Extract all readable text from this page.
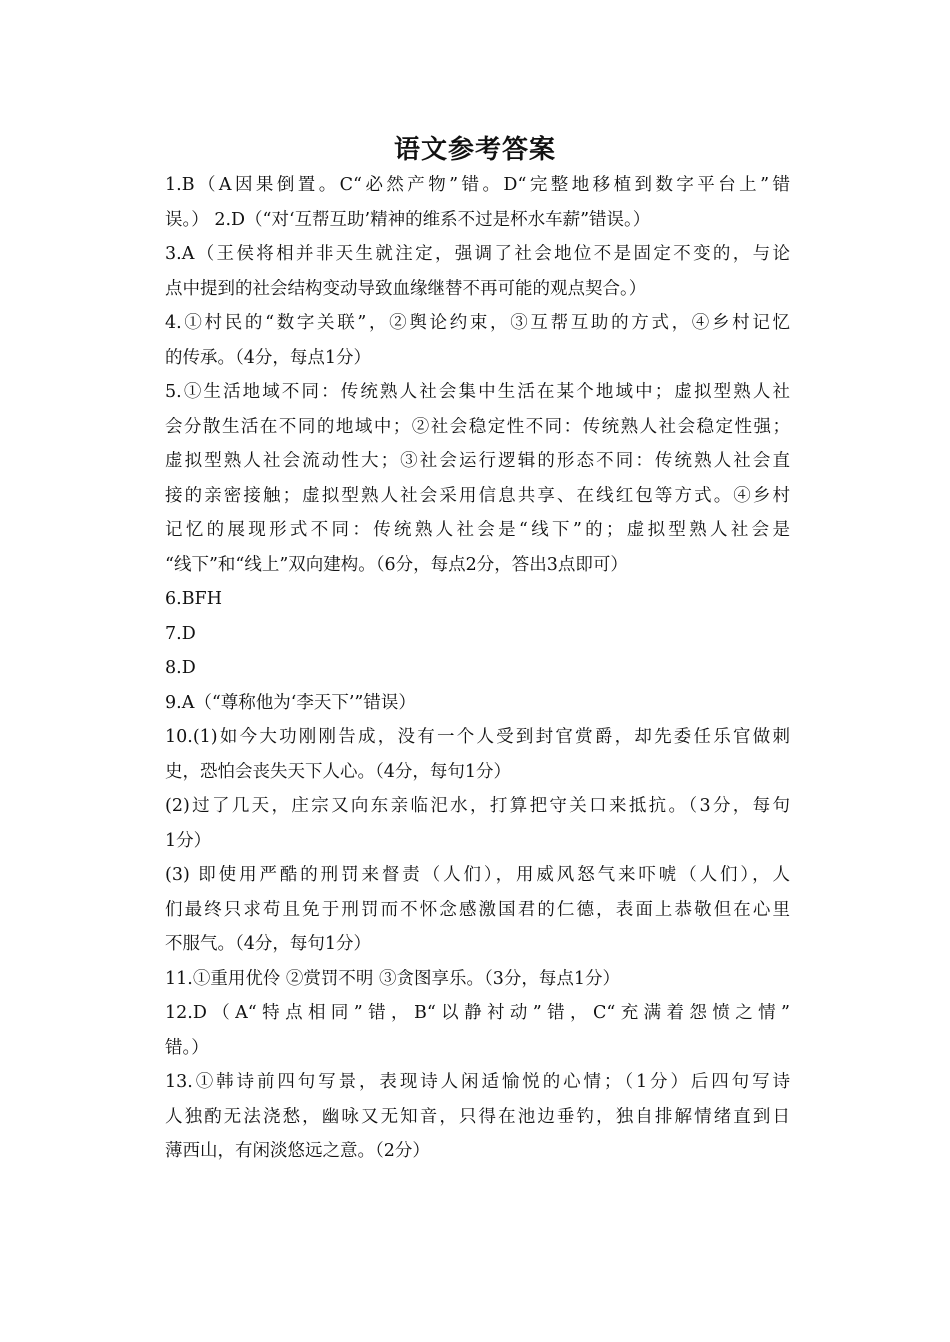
语文参考答案
1.B（A因果倒置。C“必然产物”错。D“完整地移植到数字平台上”错
误。） 2.D（“对‘互帮互助’精神的维系不过是杯水车薪”错误。）
3.A（王侯将相并非天生就注定，强调了社会地位不是固定不变的，与论
点中提到的社会结构变动导致血缘继替不再可能的观点契合。）
4.①村民的“数字关联”，②舆论约束，③互帮互助的方式，④乡村记忆
的传承。（4分，每点1分）
5.①生活地域不同：传统熟人社会集中生活在某个地域中；虚拟型熟人社
会分散生活在不同的地域中；②社会稳定性不同：传统熟人社会稳定性强；
虚拟型熟人社会流动性大；③社会运行逻辑的形态不同：传统熟人社会直
接的亲密接触；虚拟型熟人社会采用信息共享、在线红包等方式。④乡村
记忆的展现形式不同：传统熟人社会是“线下”的；虚拟型熟人社会是
“线下”和“线上”双向建构。（6分，每点2分，答出3点即可）
6.BFH
7.D
8.D
9.A（“尊称他为‘李天下’”错误）
10.(1)如今大功刚刚告成，没有一个人受到封官赏爵，却先委任乐官做刺
史，恐怕会丧失天下人心。（4分，每句1分）
(2)过了几天，庄宗又向东亲临汜水，打算把守关口来抵抗。（3分，每句
1分）
(3) 即使用严酷的刑罚来督责（人们），用威风怒气来吓唬（人们），人
们最终只求苟且免于刑罚而不怀念感激国君的仁德，表面上恭敬但在心里
不服气。（4分，每句1分）
11.①重用优伶 ②赏罚不明 ③贪图享乐。（3分，每点1分）
12.D（A“特点相同”错，B“以静衬动”错，C“充满着怨愤之情”
错。）
13.①韩诗前四句写景，表现诗人闲适愉悦的心情；（1分）后四句写诗
人独酌无法浇愁，幽咏又无知音，只得在池边垂钓，独自排解情绪直到日
薄西山，有闲淡悠远之意。（2分）
